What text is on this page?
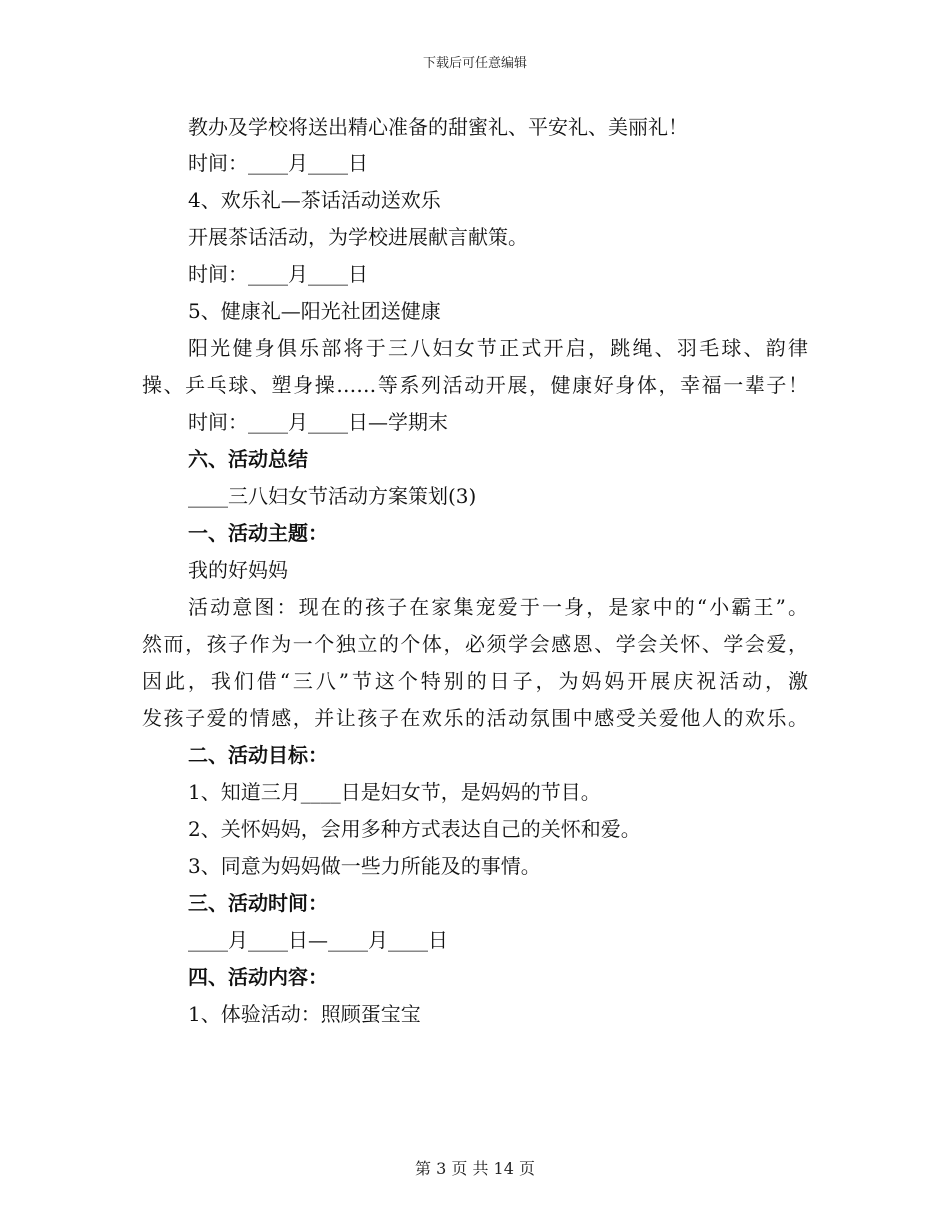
下载后可任意编辑
教办及学校将送出精心准备的甜蜜礼、平安礼、美丽礼！
时间：____月____日
4、欢乐礼—茶话活动送欢乐
开展茶话活动，为学校进展献言献策。
时间：____月____日
5、健康礼—阳光社团送健康
阳光健身俱乐部将于三八妇女节正式开启，跳绳、羽毛球、韵律
操、乒乓球、塑身操……等系列活动开展，健康好身体，幸福一辈子！
时间：____月____日—学期末
六、活动总结
____三八妇女节活动方案策划(3)
一、活动主题：
我的好妈妈
活动意图：现在的孩子在家集宠爱于一身，是家中的“小霸王”。
然而，孩子作为一个独立的个体，必须学会感恩、学会关怀、学会爱，
因此，我们借“三八”节这个特别的日子，为妈妈开展庆祝活动，激
发孩子爱的情感，并让孩子在欢乐的活动氛围中感受关爱他人的欢乐。
二、活动目标：
1、知道三月____日是妇女节，是妈妈的节目。
2、关怀妈妈，会用多种方式表达自己的关怀和爱。
3、同意为妈妈做一些力所能及的事情。
三、活动时间：
____月____日—____月____日
四、活动内容：
1、体验活动：照顾蛋宝宝
第 3 页 共 14 页
